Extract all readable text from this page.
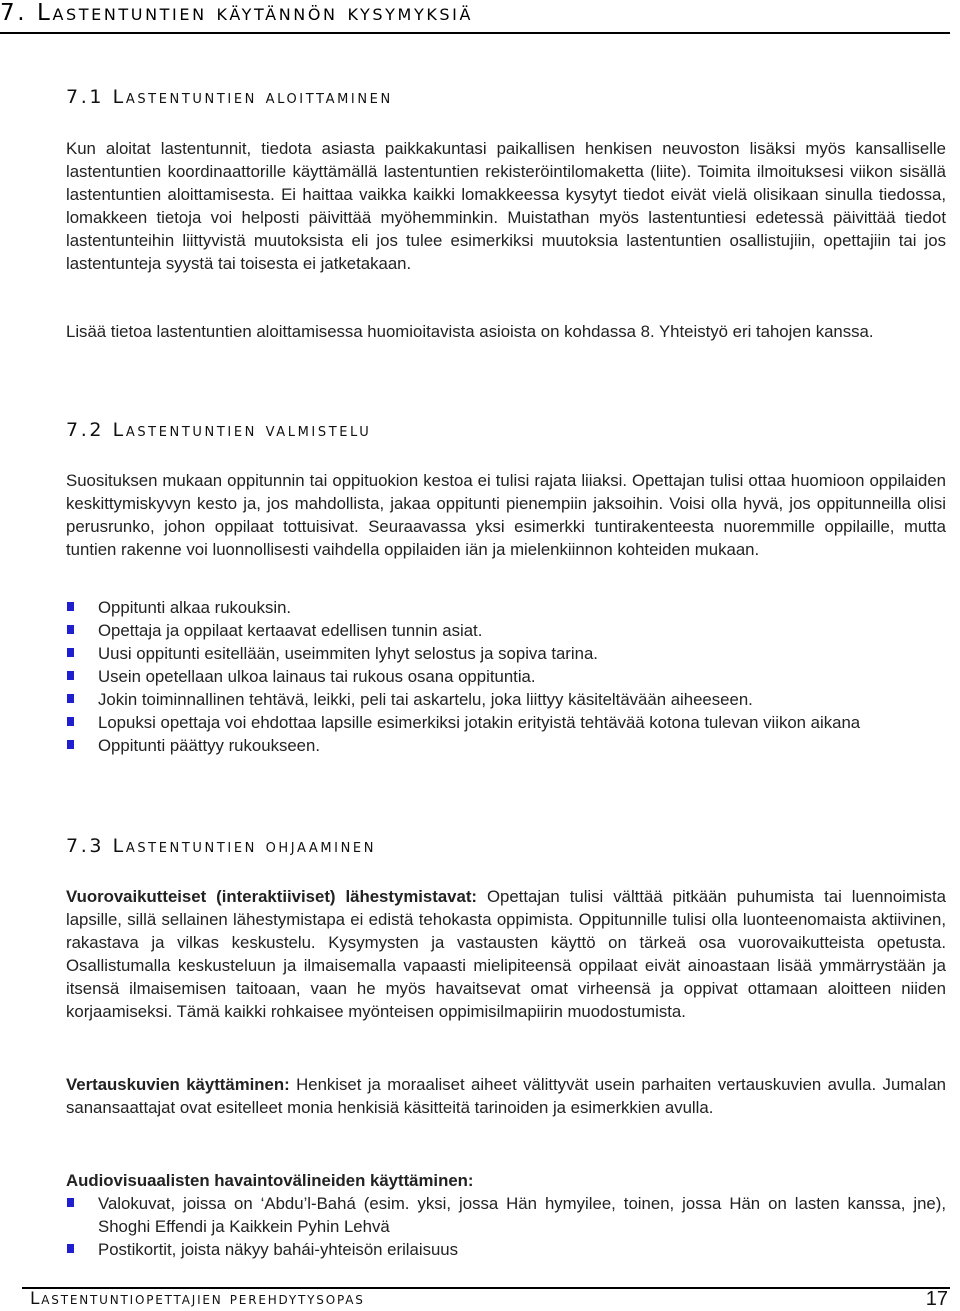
7. Lastentuntien käytännön kysymyksiä
7.1 Lastentuntien aloittaminen

Kun aloitat lastentunnit, tiedota asiasta paikkakuntasi paikallisen henkisen neuvoston lisäksi myös kansalliselle lastentuntien koordinaattorille käyttämällä lastentuntien rekisteröintilomaketta (liite). Toimita ilmoituksesi viikon sisällä lastentuntien aloittamisesta. Ei haittaa vaikka kaikki lomakkeessa kysytyt tiedot eivät vielä olisikaan sinulla tiedossa, lomakkeen tietoja voi helposti päivittää myöhemminkin. Muistathan myös lastentuntiesi edetessä päivittää tiedot lastentunteihin liittyvistä muutoksista eli jos tulee esimerkiksi muutoksia lastentuntien osallistujiin, opettajiin tai jos lastentunteja syystä tai toisesta ei jatketakaan.

Lisää tietoa lastentuntien aloittamisessa huomioitavista asioista on kohdassa 8. Yhteistyö eri tahojen kanssa.

7.2 Lastentuntien valmistelu

Suosituksen mukaan oppitunnin tai oppituokion kestoa ei tulisi rajata liiaksi. Opettajan tulisi ottaa huomioon oppilaiden keskittymiskyvyn kesto ja, jos mahdollista, jakaa oppitunti pienempiin jaksoihin. Voisi olla hyvä, jos oppitunneilla olisi perusrunko, johon oppilaat tottuisivat. Seuraavassa yksi esimerkki tuntirakenteesta nuoremmille oppilaille, mutta tuntien rakenne voi luonnollisesti vaihdella oppilaiden iän ja mielenkiinnon kohteiden mukaan.

Oppitunti alkaa rukouksin.
Opettaja ja oppilaat kertaavat edellisen tunnin asiat.
Uusi oppitunti esitellään, useimmiten lyhyt selostus ja sopiva tarina.
Usein opetellaan ulkoa lainaus tai rukous osana oppituntia.
Jokin toiminnallinen tehtävä, leikki, peli tai askartelu, joka liittyy käsiteltävään aiheeseen.
Lopuksi opettaja voi ehdottaa lapsille esimerkiksi jotakin erityistä tehtävää kotona tulevan viikon aikana
Oppitunti päättyy rukoukseen.
7.3 Lastentuntien ohjaaminen

Vuorovaikutteiset (interaktiiviset) lähestymistavat: Opettajan tulisi välttää pitkään puhumista tai luennoimista lapsille, sillä sellainen lähestymistapa ei edistä tehokasta oppimista. Oppitunnille tulisi olla luonteenomaista aktiivinen, rakastava ja vilkas keskustelu. Kysymysten ja vastausten käyttö on tärkeä osa vuorovaikutteista opetusta. Osallistumalla keskusteluun ja ilmaisemalla vapaasti mielipiteensä oppilaat eivät ainoastaan lisää ymmärrystään ja itsensä ilmaisemisen taitoaan, vaan he myös havaitsevat omat virheensä ja oppivat ottamaan aloitteen niiden korjaamiseksi. Tämä kaikki rohkaisee myönteisen oppimisilmapiirin muodostumista.

Vertauskuvien käyttäminen: Henkiset ja moraaliset aiheet välittyvät usein parhaiten vertauskuvien avulla. Jumalan sanansaattajat ovat esitelleet monia henkisiä käsitteitä tarinoiden ja esimerkkien avulla.

Audiovisuaalisten havaintovälineiden käyttäminen:

Valokuvat, joissa on ‘Abdu’l-Bahá (esim. yksi, jossa Hän hymyilee, toinen, jossa Hän on lasten kanssa, jne), Shoghi Effendi ja Kaikkein Pyhin Lehvä
Postikortit, joista näkyy bahái-yhteisön erilaisuus
Lastentuntiopettajien perehdytysopas	17
